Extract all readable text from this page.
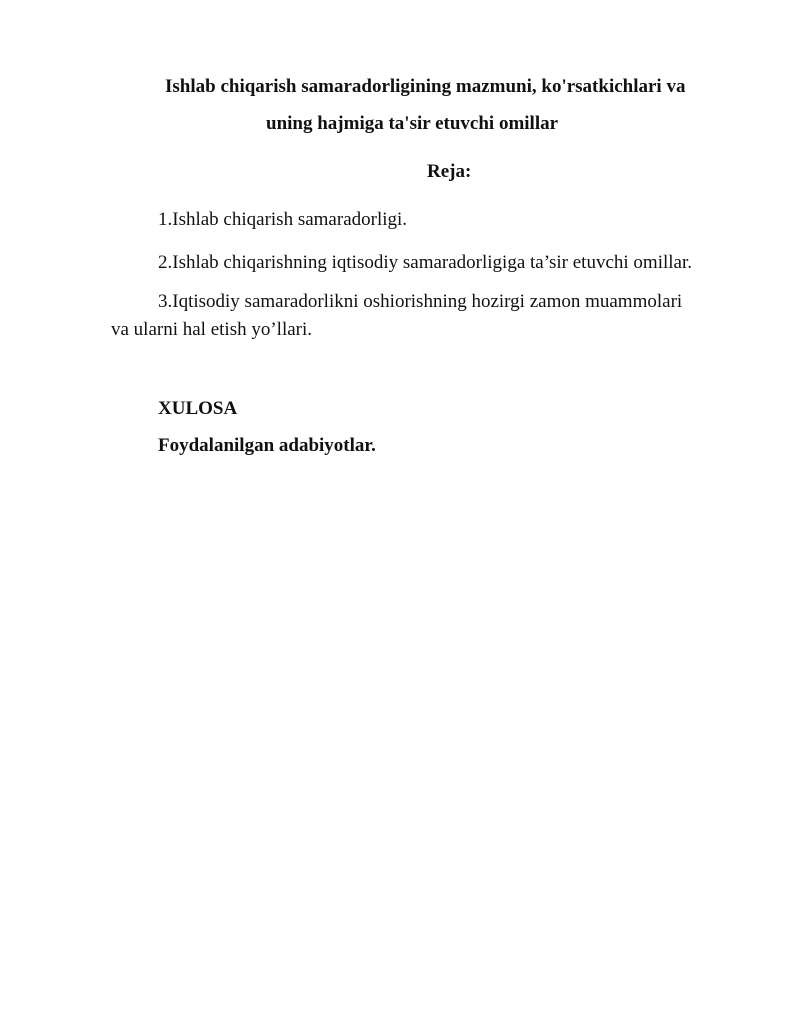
Ishlab chiqarish samaradorligining mazmuni, ko'rsatkichlari va
uning hajmiga ta'sir etuvchi omillar
Reja:
1.Ishlab chiqarish samaradorligi.
2.Ishlab chiqarishning iqtisodiy samaradorligiga ta’sir etuvchi omillar.
3.Iqtisodiy samaradorlikni oshiorishning hozirgi zamon muammolari
va ularni hal etish yo’llari.
XULOSA
Foydalanilgan adabiyotlar.
